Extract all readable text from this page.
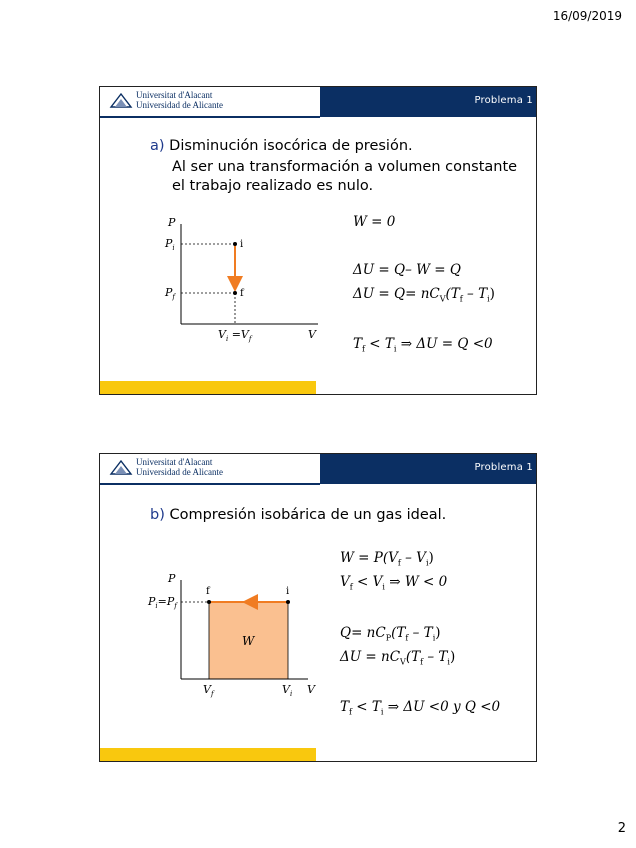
16/09/2019
Universitat d'Alacant
Universidad de Alicante	Problema 1
a) Disminución isocórica de presión.
Al ser una transformación a volumen constante
el trabajo realizado es nulo.
P
V
i
f
$P_i$
$P_f$
$V_i =V_f$
W = 0
ΔU = Q– W = Q
$\Delta U = Q= nC_V(T_f - T_i)$
$T_f < T_i$ ⇒ ΔU = Q <0
Universitat d'Alacant
Universidad de Alicante	Problema 1
b) Compresión isobárica de un gas ideal.
P
V
f	i
W
$P_i=P_f$
$V_f$	$V_i$
$W = P(V_f - V_i)$
$V_f < V_i$ ⇒ W < 0
$Q= nC_P(T_f - T_i)$
$\Delta U = nC_V(T_f - T_i)$
$T_f < T_i$ ⇒ ΔU <0 y Q <0
2
